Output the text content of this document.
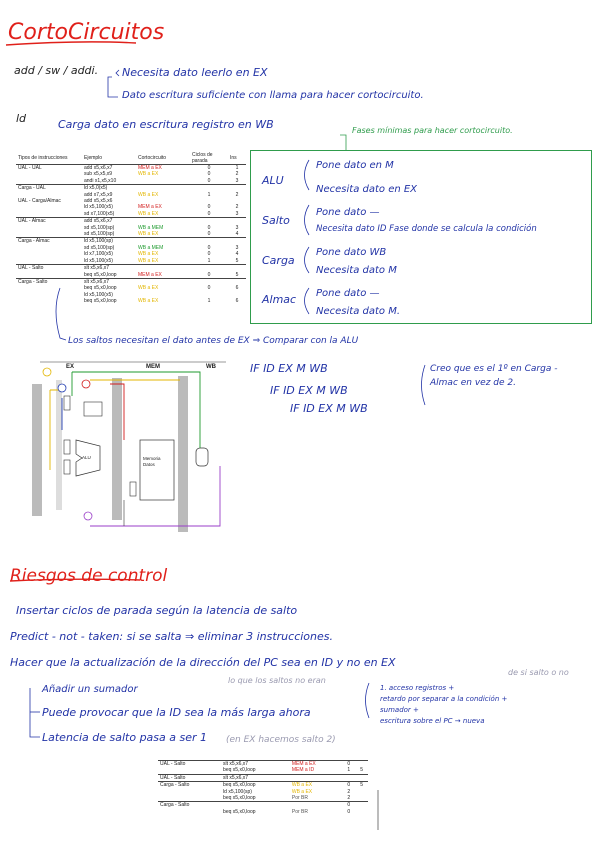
CortoCircuitos
add / sw / addi. Necesita dato leerlo en EX
Dato escritura suficiente con llama para hacer cortocircuito.
ld	Carga dato en escritura registro en WB	Fases mínimas para hacer cortocircuito.
Tipos de instrucciones	Ejemplo	Cortocircuito	Ciclos de parada	Ins
UAL - UAL	add x5,x6,x7	MEM a EX	0	1
	sub x5,x5,x9	WB a EX	0	2
	andi x1,x5,x10		0	3
Carga - UAL	ld x5,0(x5)			
	add x7,x5,x9	WB a EX	1	2
UAL - Carga/Almac	add x5,x5,x6			
	ld x5,100(x5)	MEM a EX	0	2
	sd x7,100(x5)	WB a EX	0	3
UAL - Almac	add x5,x6,x7			
	sd x5,100(sp)	WB a MEM	0	3
	sd x5,100(sp)	WB a EX	0	4
Carga - Almac	ld x5,100(sp)			
	sd x5,100(sp)	WB a MEM	0	3
	ld x7,100(x5)	WB a EX	0	4
	ld x5,100(x5)	WB a EX	1	5
UAL - Salto	slt x5,x6,x7			
	beq x5,x0,loop	MEM a EX	0	5
Carga - Salto	slt x5,x6,x7			

	beq x5,x0,loop	WB a EX	0	6
	ld x5,100(x5)			
	beq x5,x0,loop	WB a EX	1	6
ALU
Pone dato en M
Necesita dato en EX
Salto
Pone dato —
Necesita dato ID Fase donde se calcula la condición
Carga
Pone dato WB
Necesita dato M
Almac Pone dato —
Necesita dato M.
Los saltos necesitan el dato antes de EX ⇒ Comparar con la ALU
EX	MEM	WB
ALU	Memoria Datos
IF ID EX M WB
IF ID EX M WB
IF ID EX M WB
Creo que es el 1º en Carga - Almac en vez de 2.
Riesgos de control
Insertar ciclos de parada según la latencia de salto
Predict - not - taken: si se salta ⇒ eliminar 3 instrucciones.
Hacer que la actualización de la dirección del PC sea en ID y no en EX
lo que los saltos no eran
de si salto o no
Añadir un sumador
Puede provocar que la ID sea la más larga ahora
Latencia de salto pasa a ser 1 (en EX hacemos salto 2)
1. acceso registros +
retardo por separar a la condición +
sumador +
escritura sobre el PC → nueva
UAL - Salto	slt x5,x6,x7	MEM a EX	0	
	beq x5,x0,loop	MEM a ID	1	5
UAL - Salto	slt x5,x6,x7			
Carga - Salto	beq x5,x0,loop	WB a EX	0	5
	ld x5,100(sp)	WB a EX	2	
	beq x5,x0,loop	Por BR	2	
Carga - Salto			0	
	beq x5,x0,loop	Por BR	0	
